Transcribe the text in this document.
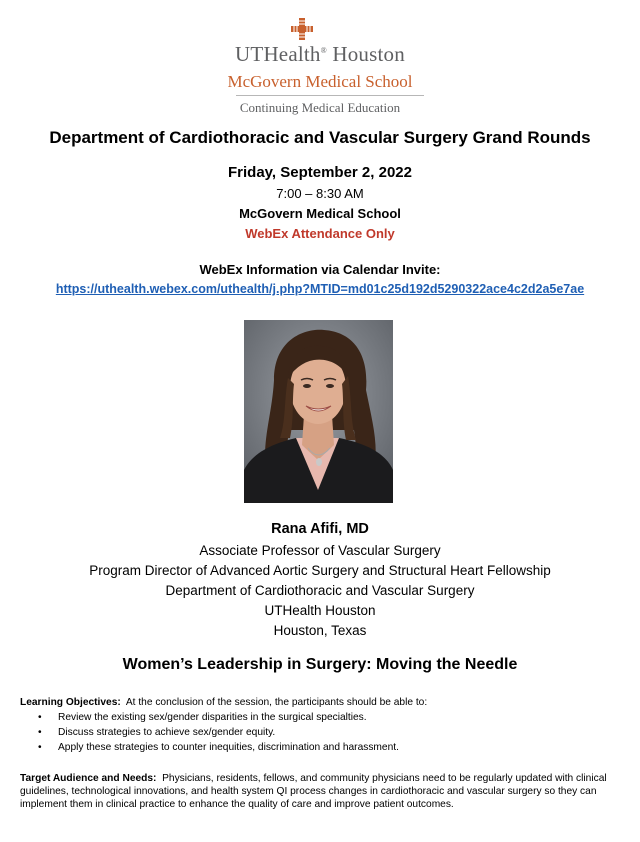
UTHealth® Houston
McGovern Medical School
Continuing Medical Education
Department of Cardiothoracic and Vascular Surgery Grand Rounds
Friday, September 2, 2022
7:00 – 8:30 AM
McGovern Medical School
WebEx Attendance Only
WebEx Information via Calendar Invite:
https://uthealth.webex.com/uthealth/j.php?MTID=md01c25d192d5290322ace4c2d2a5e7ae
Rana Afifi, MD
Associate Professor of Vascular Surgery
Program Director of Advanced Aortic Surgery and Structural Heart Fellowship
Department of Cardiothoracic and Vascular Surgery
UTHealth Houston
Houston, Texas
Women’s Leadership in Surgery: Moving the Needle
Learning Objectives: At the conclusion of the session, the participants should be able to:
• Review the existing sex/gender disparities in the surgical specialties.
• Discuss strategies to achieve sex/gender equity.
• Apply these strategies to counter inequities, discrimination and harassment.
Target Audience and Needs: Physicians, residents, fellows, and community physicians need to be regularly updated with clinical guidelines, technological innovations, and health system QI process changes in cardiothoracic and vascular surgery so they can implement them in clinical practice to enhance the quality of care and improve patient outcomes.
